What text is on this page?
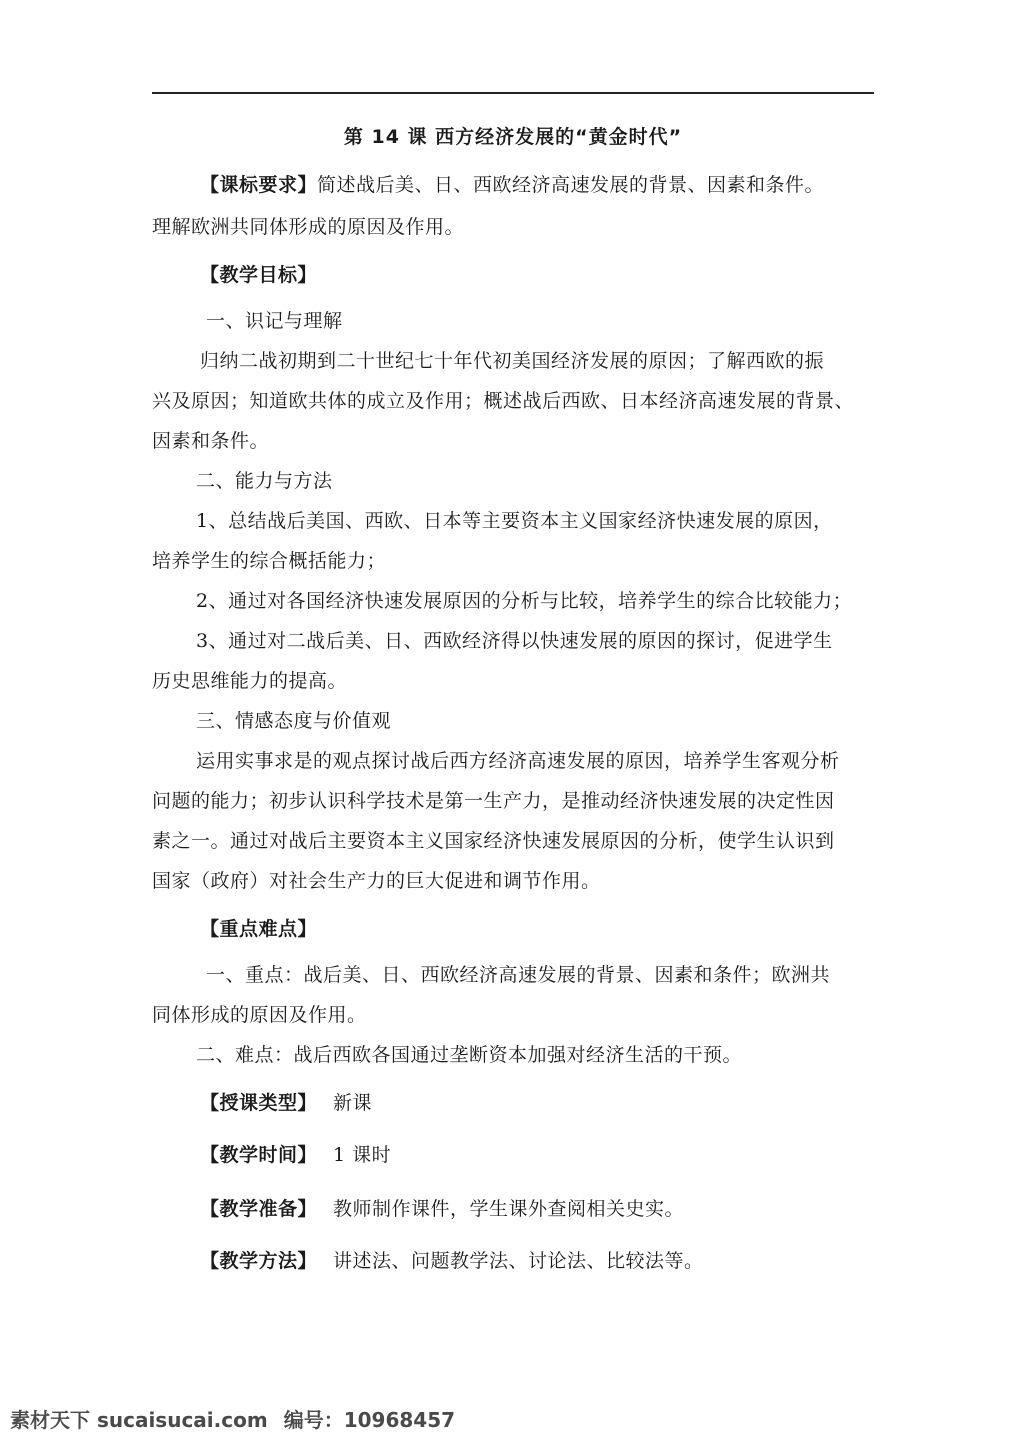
第 14 课 西方经济发展的“黄金时代”
【课标要求】简述战后美、日、西欧经济高速发展的背景、因素和条件。
理解欧洲共同体形成的原因及作用。
【教学目标】
一、识记与理解
归纳二战初期到二十世纪七十年代初美国经济发展的原因；了解西欧的振
兴及原因；知道欧共体的成立及作用；概述战后西欧、日本经济高速发展的背景、
因素和条件。
二、能力与方法
1、总结战后美国、西欧、日本等主要资本主义国家经济快速发展的原因，
培养学生的综合概括能力；
2、通过对各国经济快速发展原因的分析与比较，培养学生的综合比较能力；
3、通过对二战后美、日、西欧经济得以快速发展的原因的探讨，促进学生
历史思维能力的提高。
三、情感态度与价值观
运用实事求是的观点探讨战后西方经济高速发展的原因，培养学生客观分析
问题的能力；初步认识科学技术是第一生产力，是推动经济快速发展的决定性因
素之一。通过对战后主要资本主义国家经济快速发展原因的分析，使学生认识到
国家（政府）对社会生产力的巨大促进和调节作用。
【重点难点】
一、重点：战后美、日、西欧经济高速发展的背景、因素和条件；欧洲共
同体形成的原因及作用。
二、难点：战后西欧各国通过垄断资本加强对经济生活的干预。
【授课类型】 新课
【教学时间】 1 课时
【教学准备】 教师制作课件，学生课外查阅相关史实。
【教学方法】 讲述法、问题教学法、讨论法、比较法等。
素材天下 sucaisucai.com 编号：10968457
